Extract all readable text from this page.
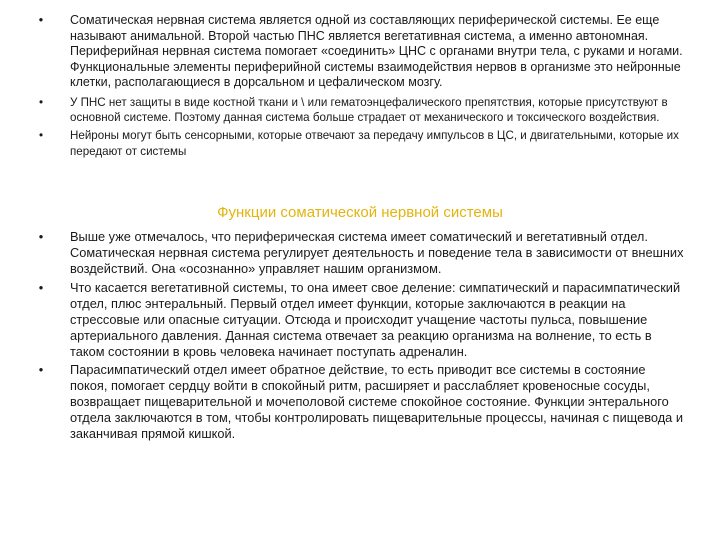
• Соматическая нервная система является одной из составляющих периферической системы. Ее еще называют анимальной. Второй частью ПНС является вегетативная система, а именно автономная. Периферийная нервная система помогает «соединить» ЦНС с органами внутри тела, с руками и ногами. Функциональные элементы периферийной системы взаимодействия нервов в организме это нейронные клетки, располагающиеся в дорсальном и цефалическом мозгу.
• У ПНС нет защиты в виде костной ткани и \ или гематоэнцефалического препятствия, которые присутствуют в основной системе. Поэтому данная система больше страдает от механического и токсического воздействия.
• Нейроны могут быть сенсорными, которые отвечают за передачу импульсов в ЦС, и двигательными, которые их передают от системы
Функции соматической нервной системы
• Выше уже отмечалось, что периферическая система имеет соматический и вегетативный отдел. Соматическая нервная система регулирует деятельность и поведение тела в зависимости от внешних воздействий. Она «осознанно» управляет нашим организмом.
• Что касается вегетативной системы, то она имеет свое деление: симпатический и парасимпатический отдел, плюс энтеральный. Первый отдел имеет функции, которые заключаются в реакции на стрессовые или опасные ситуации. Отсюда и происходит учащение частоты пульса, повышение артериального давления. Данная система отвечает за реакцию организма на волнение, то есть в таком состоянии в кровь человека начинает поступать адреналин.
• Парасимпатический отдел имеет обратное действие, то есть приводит все системы в состояние покоя, помогает сердцу войти в спокойный ритм, расширяет и расслабляет кровеносные сосуды, возвращает пищеварительной и мочеполовой системе спокойное состояние. Функции энтерального отдела заключаются в том, чтобы контролировать пищеварительные процессы, начиная с пищевода и заканчивая прямой кишкой.
